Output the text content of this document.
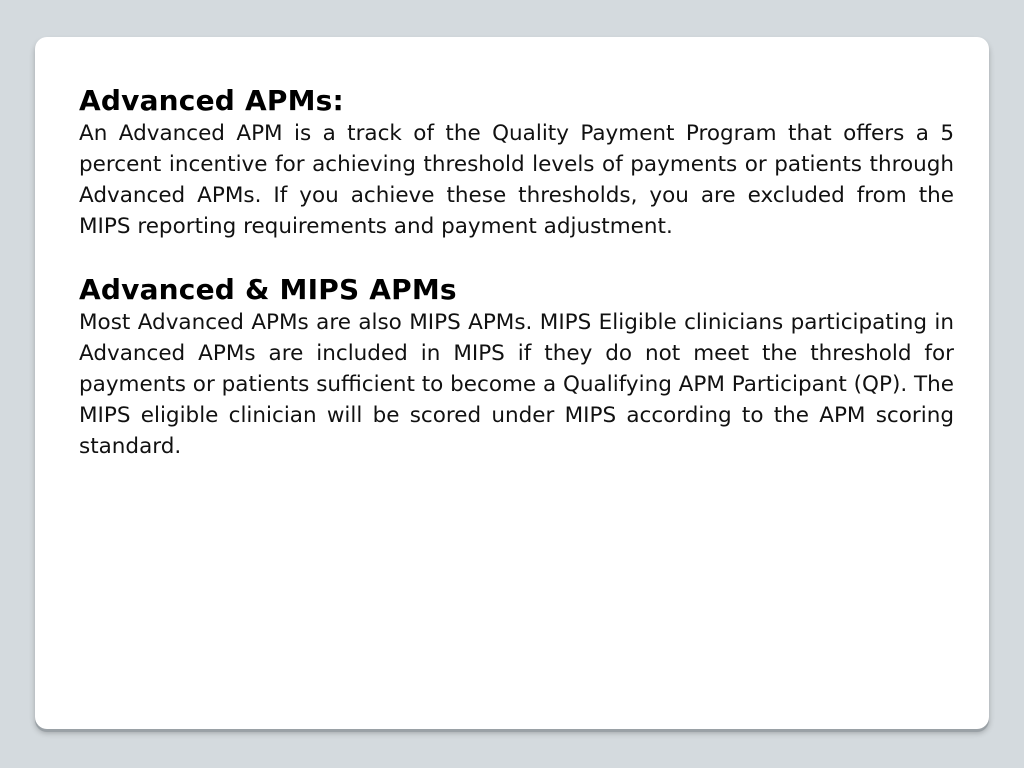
Advanced APMs:

An Advanced APM is a track of the Quality Payment Program that offers a 5 percent incentive for achieving threshold levels of payments or patients through Advanced APMs. If you achieve these thresholds, you are excluded from the MIPS reporting requirements and payment adjustment.

Advanced & MIPS APMs

Most Advanced APMs are also MIPS APMs. MIPS Eligible clinicians participating in Advanced APMs are included in MIPS if they do not meet the threshold for payments or patients sufficient to become a Qualifying APM Participant (QP). The MIPS eligible clinician will be scored under MIPS according to the APM scoring standard.
